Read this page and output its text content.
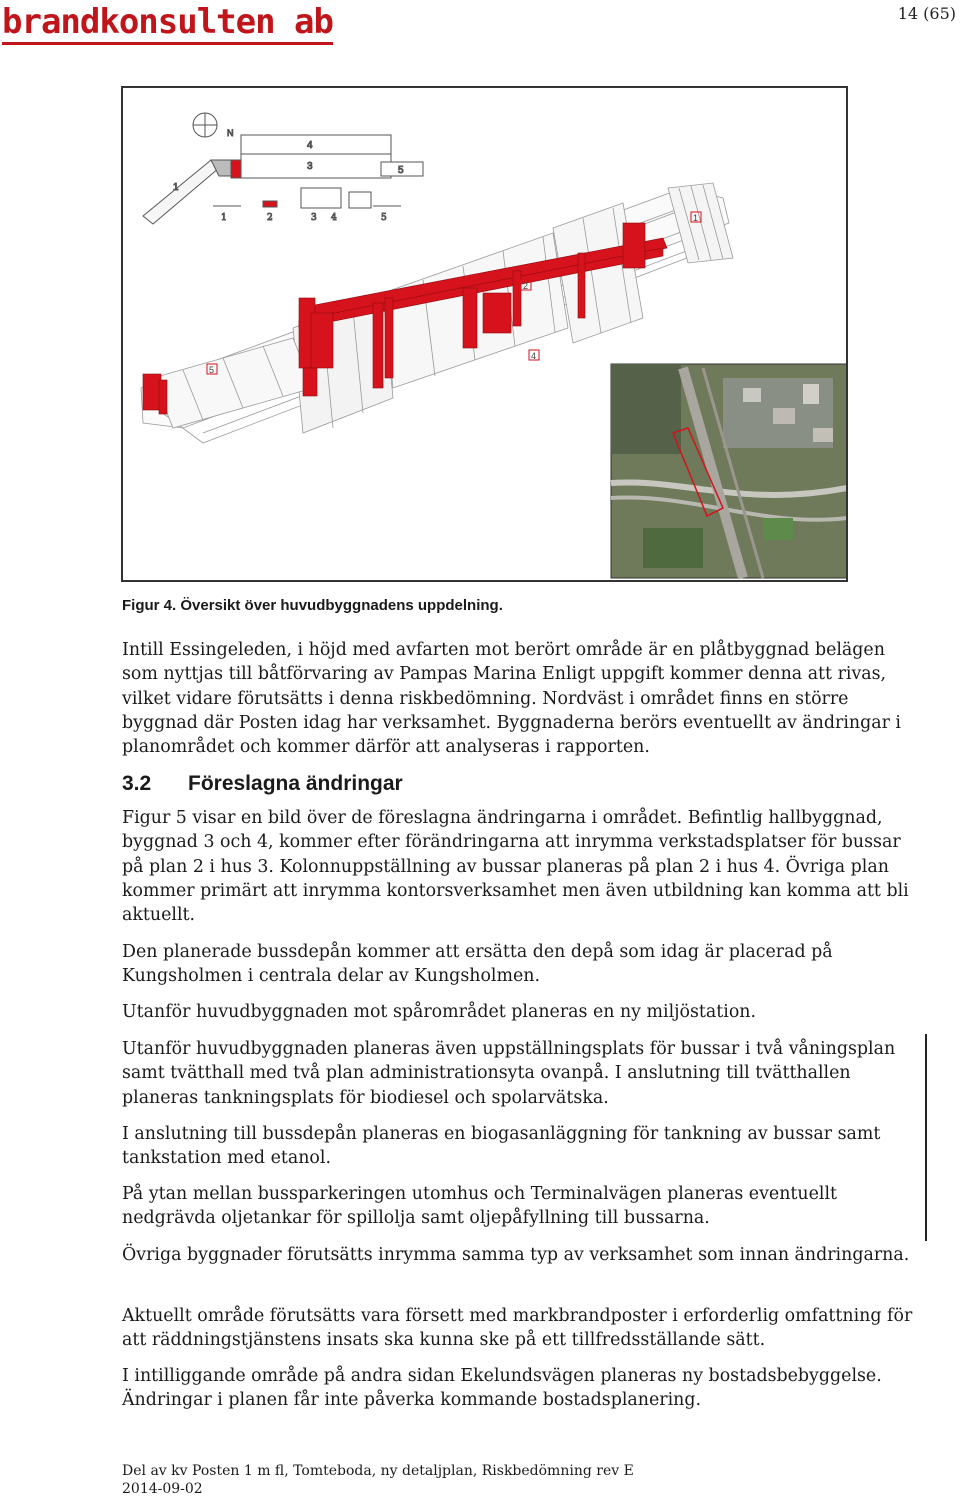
brandkonsulten ab	14 (65)
1
4
3	5
N
1	2	3 4	5	1
2
4
5
Figur 4. Översikt över huvudbyggnadens uppdelning.

Intill Essingeleden, i höjd med avfarten mot berört område är en plåtbyggnad belägen som nyttjas till båtförvaring av Pampas Marina Enligt uppgift kommer denna att rivas, vilket vidare förutsätts i denna riskbedömning. Nordväst i området finns en större byggnad där Posten idag har verksamhet. Byggnaderna berörs eventuellt av ändringar i planområdet och kommer därför att analyseras i rapporten.

3.2 Föreslagna ändringar

Figur 5 visar en bild över de föreslagna ändringarna i området. Befintlig hallbyggnad, byggnad 3 och 4, kommer efter förändringarna att inrymma verkstadsplatser för bussar på plan 2 i hus 3. Kolonnuppställning av bussar planeras på plan 2 i hus 4. Övriga plan kommer primärt att inrymma kontorsverksamhet men även utbildning kan komma att bli aktuellt.

Den planerade bussdepån kommer att ersätta den depå som idag är placerad på Kungsholmen i centrala delar av Kungsholmen.

Utanför huvudbyggnaden mot spårområdet planeras en ny miljöstation.

Utanför huvudbyggnaden planeras även uppställningsplats för bussar i två våningsplan samt tvätthall med två plan administrationsyta ovanpå. I anslutning till tvätthallen planeras tankningsplats för biodiesel och spolarvätska.

I anslutning till bussdepån planeras en biogasanläggning för tankning av bussar samt tankstation med etanol.

På ytan mellan bussparkeringen utomhus och Terminalvägen planeras eventuellt nedgrävda oljetankar för spillolja samt oljepåfyllning till bussarna.

Övriga byggnader förutsätts inrymma samma typ av verksamhet som innan ändringarna.

Aktuellt område förutsätts vara försett med markbrandposter i erforderlig omfattning för att räddningstjänstens insats ska kunna ske på ett tillfredsställande sätt.

I intilliggande område på andra sidan Ekelundsvägen planeras ny bostadsbebyggelse. Ändringar i planen får inte påverka kommande bostadsplanering.

Del av kv Posten 1 m fl, Tomteboda, ny detaljplan, Riskbedömning rev E
2014-09-02
